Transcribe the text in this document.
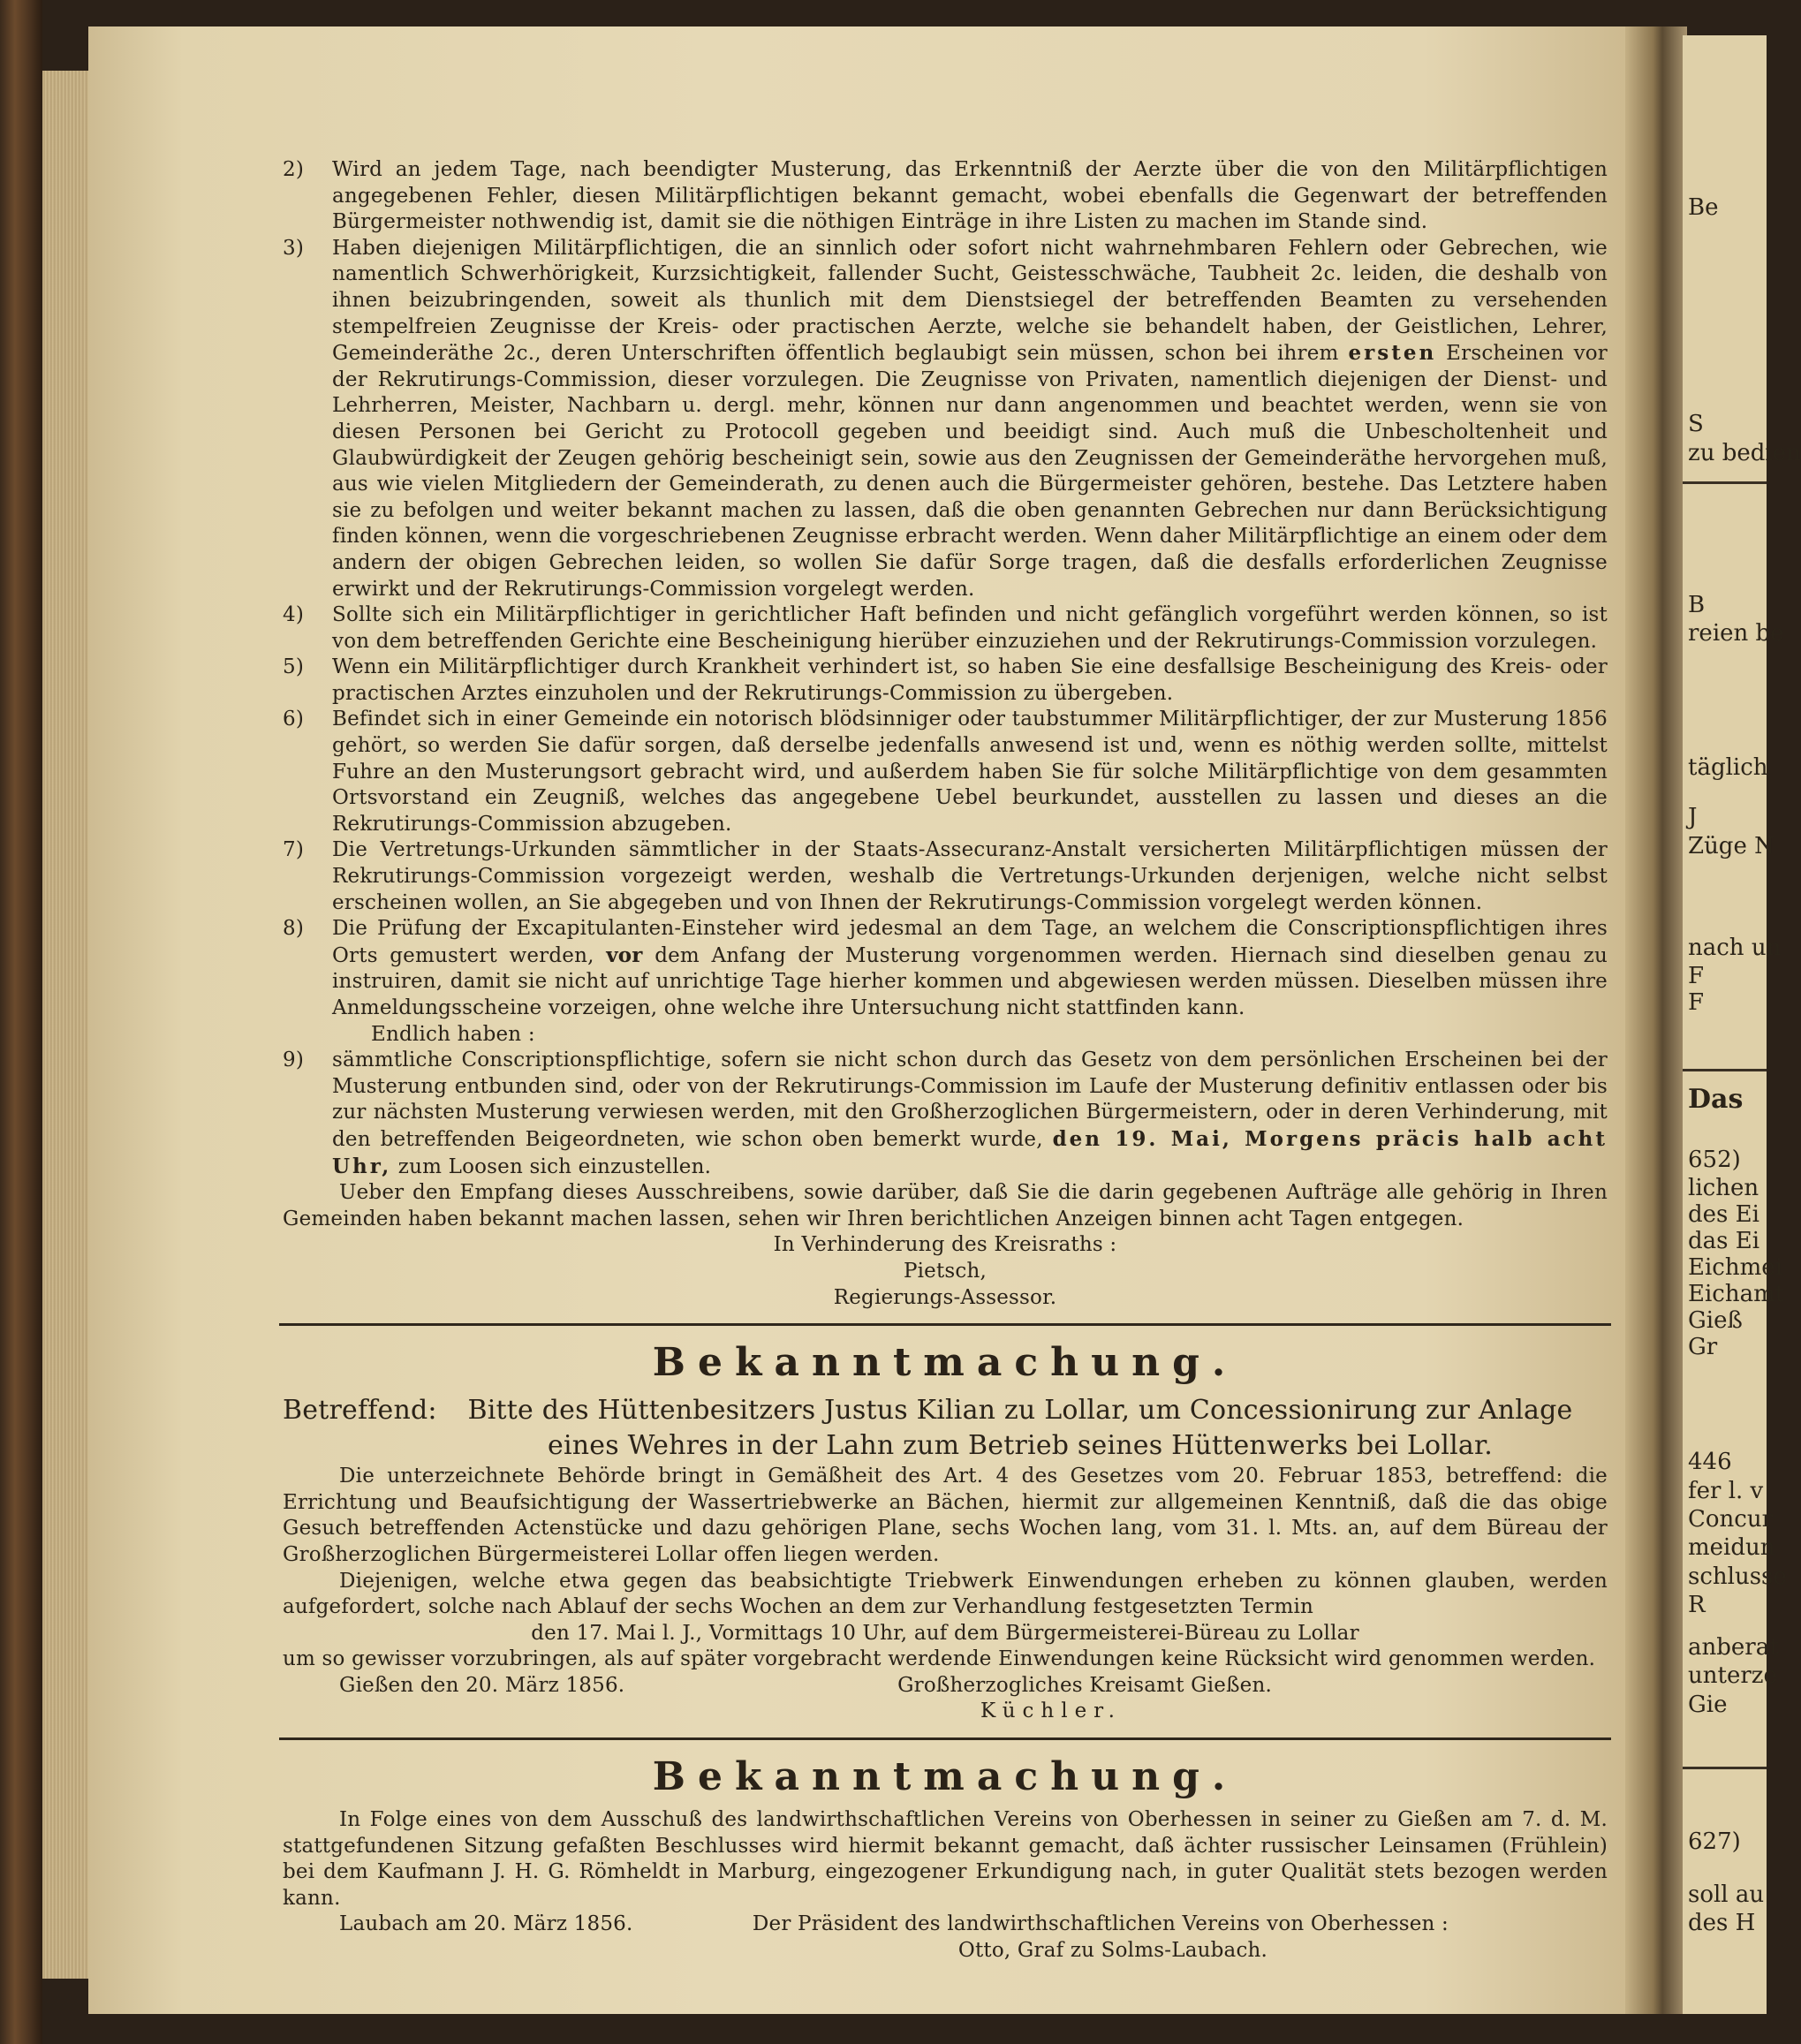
Be
S
zu bedien
B
reien be
täglich
J
Züge N
nach un
F
F
Das
652)
lichen
des Ei
das Ei
Eichmei
Eichamt
Gieß
Gr
446
fer l. v
Concur
meidun
schlusse
R
anberat
unterze
Gie
627)
soll au
des H
2)	Wird an jedem Tage, nach beendigter Musterung, das Erkenntniß der Aerzte über die von den Militärpflichtigen angegebenen Fehler, diesen Militärpflichtigen bekannt gemacht, wobei ebenfalls die Gegenwart der betreffenden Bürgermeister nothwendig ist, damit sie die nöthigen Einträge in ihre Listen zu machen im Stande sind.
3)	Haben diejenigen Militärpflichtigen, die an sinnlich oder sofort nicht wahrnehmbaren Fehlern oder Gebrechen, wie namentlich Schwerhörigkeit, Kurzsichtigkeit, fallender Sucht, Geistesschwäche, Taubheit 2c. leiden, die deshalb von ihnen beizubringenden, soweit als thunlich mit dem Dienstsiegel der betreffenden Beamten zu versehenden stempelfreien Zeugnisse der Kreis- oder practischen Aerzte, welche sie behandelt haben, der Geistlichen, Lehrer, Gemeinderäthe 2c., deren Unterschriften öffentlich beglaubigt sein müssen, schon bei ihrem ersten Erscheinen vor der Rekrutirungs-Commission, dieser vorzulegen. Die Zeugnisse von Privaten, namentlich diejenigen der Dienst- und Lehrherren, Meister, Nachbarn u. dergl. mehr, können nur dann angenommen und beachtet werden, wenn sie von diesen Personen bei Gericht zu Protocoll gegeben und beeidigt sind. Auch muß die Unbescholtenheit und Glaubwürdigkeit der Zeugen gehörig bescheinigt sein, sowie aus den Zeugnissen der Gemeinderäthe hervorgehen muß, aus wie vielen Mitgliedern der Gemeinderath, zu denen auch die Bürgermeister gehören, bestehe. Das Letztere haben sie zu befolgen und weiter bekannt machen zu lassen, daß die oben genannten Gebrechen nur dann Berücksichtigung finden können, wenn die vorgeschriebenen Zeugnisse erbracht werden. Wenn daher Militärpflichtige an einem oder dem andern der obigen Gebrechen leiden, so wollen Sie dafür Sorge tragen, daß die desfalls erforderlichen Zeugnisse erwirkt und der Rekrutirungs-Commission vorgelegt werden.
4)	Sollte sich ein Militärpflichtiger in gerichtlicher Haft befinden und nicht gefänglich vorgeführt werden können, so ist von dem betreffenden Gerichte eine Bescheinigung hierüber einzuziehen und der Rekrutirungs-Commission vorzulegen.
5)	Wenn ein Militärpflichtiger durch Krankheit verhindert ist, so haben Sie eine desfallsige Bescheinigung des Kreis- oder practischen Arztes einzuholen und der Rekrutirungs-Commission zu übergeben.
6)	Befindet sich in einer Gemeinde ein notorisch blödsinniger oder taubstummer Militärpflichtiger, der zur Musterung 1856 gehört, so werden Sie dafür sorgen, daß derselbe jedenfalls anwesend ist und, wenn es nöthig werden sollte, mittelst Fuhre an den Musterungsort gebracht wird, und außerdem haben Sie für solche Militärpflichtige von dem gesammten Ortsvorstand ein Zeugniß, welches das angegebene Uebel beurkundet, ausstellen zu lassen und dieses an die Rekrutirungs-Commission abzugeben.
7)	Die Vertretungs-Urkunden sämmtlicher in der Staats-Assecuranz-Anstalt versicherten Militärpflichtigen müssen der Rekrutirungs-Commission vorgezeigt werden, weshalb die Vertretungs-Urkunden derjenigen, welche nicht selbst erscheinen wollen, an Sie abgegeben und von Ihnen der Rekrutirungs-Commission vorgelegt werden können.
8)	Die Prüfung der Excapitulanten-Einsteher wird jedesmal an dem Tage, an welchem die Conscriptionspflichtigen ihres Orts gemustert werden, vor dem Anfang der Musterung vorgenommen werden. Hiernach sind dieselben genau zu instruiren, damit sie nicht auf unrichtige Tage hierher kommen und abgewiesen werden müssen. Dieselben müssen ihre Anmeldungsscheine vorzeigen, ohne welche ihre Untersuchung nicht stattfinden kann.

Endlich haben :

9)	sämmtliche Conscriptionspflichtige, sofern sie nicht schon durch das Gesetz von dem persönlichen Erscheinen bei der Musterung entbunden sind, oder von der Rekrutirungs-Commission im Laufe der Musterung definitiv entlassen oder bis zur nächsten Musterung verwiesen werden, mit den Großherzoglichen Bürgermeistern, oder in deren Verhinderung, mit den betreffenden Beigeordneten, wie schon oben bemerkt wurde, den 19. Mai, Morgens präcis halb acht Uhr, zum Loosen sich einzustellen.

Ueber den Empfang dieses Ausschreibens, sowie darüber, daß Sie die darin gegebenen Aufträge alle gehörig in Ihren Gemeinden haben bekannt machen lassen, sehen wir Ihren berichtlichen Anzeigen binnen acht Tagen entgegen.

In Verhinderung des Kreisraths :

Pietsch,

Regierungs-Assessor.

Bekanntmachung.
Betreffend:	Bitte des Hüttenbesitzers Justus Kilian zu Lollar, um Concessionirung zur Anlage eines Wehres in der Lahn zum Betrieb seines Hüttenwerks bei Lollar.

Die unterzeichnete Behörde bringt in Gemäßheit des Art. 4 des Gesetzes vom 20. Februar 1853, betreffend: die Errichtung und Beaufsichtigung der Wassertriebwerke an Bächen, hiermit zur allgemeinen Kenntniß, daß die das obige Gesuch betreffenden Actenstücke und dazu gehörigen Plane, sechs Wochen lang, vom 31. l. Mts. an, auf dem Büreau der Großherzoglichen Bürgermeisterei Lollar offen liegen werden.

Diejenigen, welche etwa gegen das beabsichtigte Triebwerk Einwendungen erheben zu können glauben, werden aufgefordert, solche nach Ablauf der sechs Wochen an dem zur Verhandlung festgesetzten Termin

den 17. Mai l. J., Vormittags 10 Uhr, auf dem Bürgermeisterei-Büreau zu Lollar

um so gewisser vorzubringen, als auf später vorgebracht werdende Einwendungen keine Rücksicht wird genommen werden.

Gießen den 20. März 1856.	Großherzogliches Kreisamt Gießen.

Küchler.

Bekanntmachung.

In Folge eines von dem Ausschuß des landwirthschaftlichen Vereins von Oberhessen in seiner zu Gießen am 7. d. M. stattgefundenen Sitzung gefaßten Beschlusses wird hiermit bekannt gemacht, daß ächter russischer Leinsamen (Frühlein) bei dem Kaufmann J. H. G. Römheldt in Marburg, eingezogener Erkundigung nach, in guter Qualität stets bezogen werden kann.

Laubach am 20. März 1856.	Der Präsident des landwirthschaftlichen Vereins von Oberhessen :

Otto, Graf zu Solms-Laubach.
